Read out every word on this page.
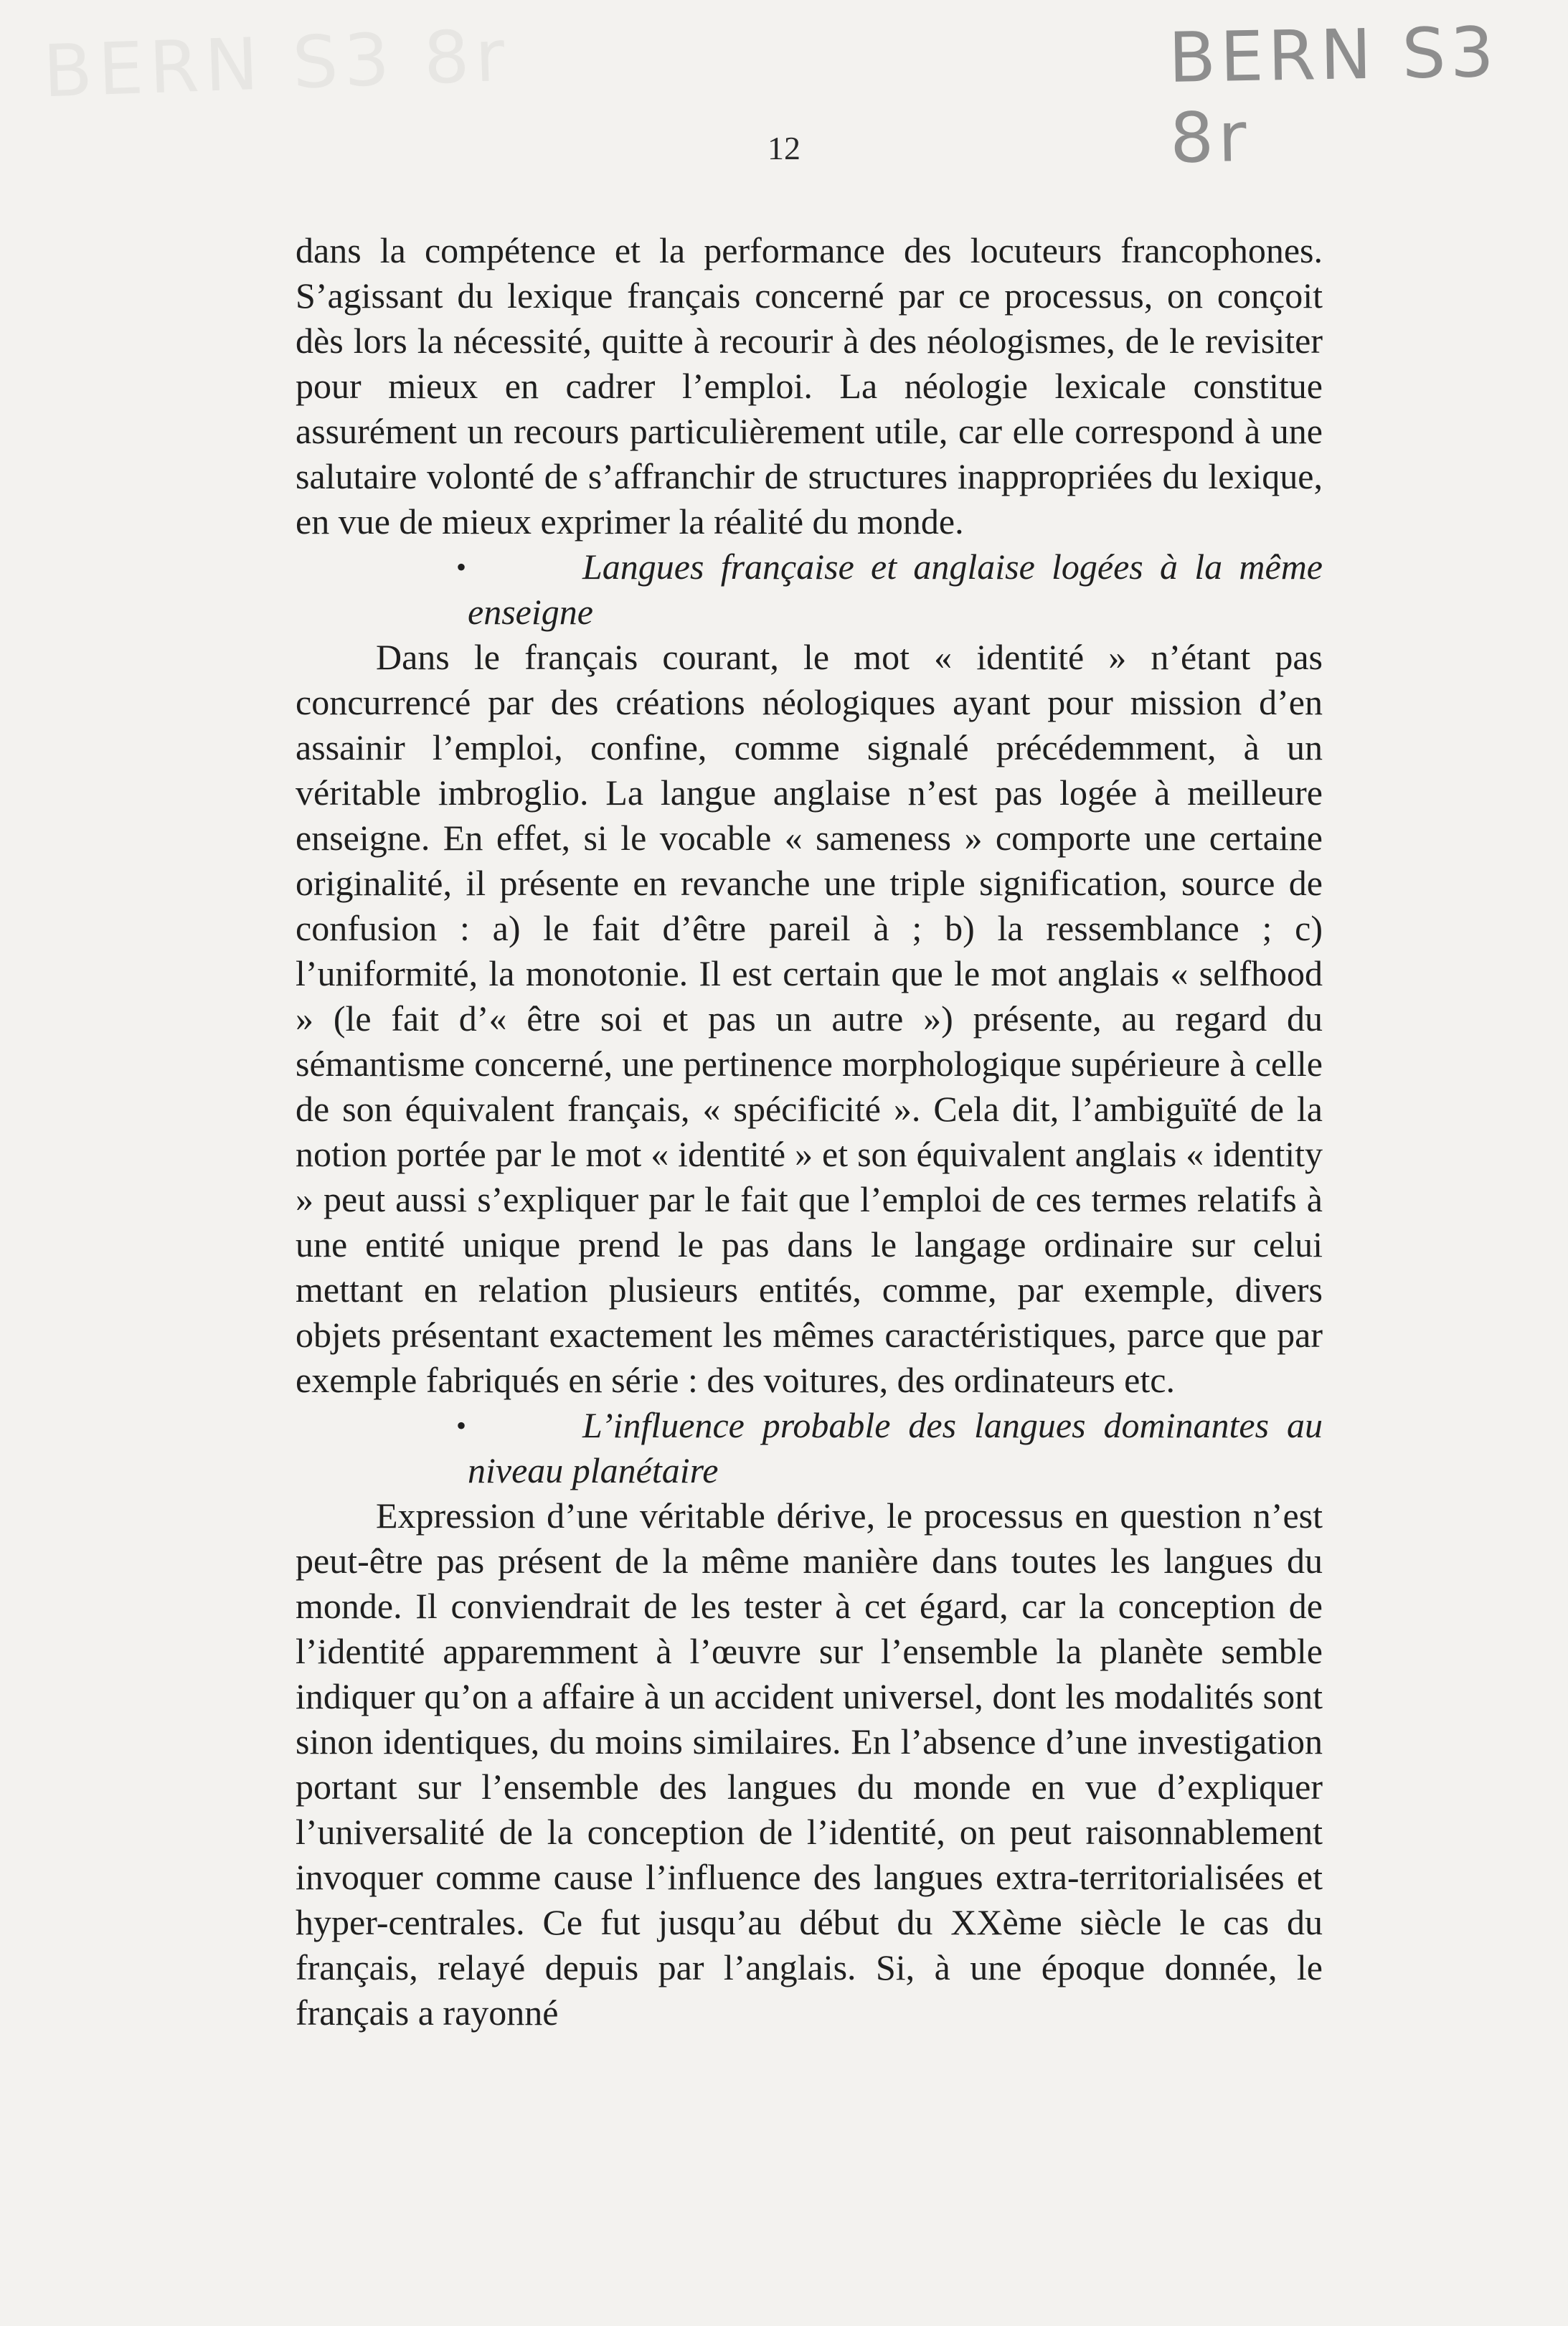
BERN S3 8r	BERN S3 8r
12

dans la compétence et la performance des locuteurs francophones. S’agissant du lexique français concerné par ce processus, on conçoit dès lors la nécessité, quitte à recourir à des néologismes, de le revisiter pour mieux en cadrer l’emploi. La néologie lexicale constitue assurément un recours particulièrement utile, car elle correspond à une salutaire volonté de s’affranchir de structures inappropriées du lexique, en vue de mieux exprimer la réalité du monde.

•	Langues française et anglaise logées à la même enseigne

Dans le français courant, le mot « identité » n’étant pas concurrencé par des créations néologiques ayant pour mission d’en assainir l’emploi, confine, comme signalé précédemment, à un véritable imbroglio. La langue anglaise n’est pas logée à meilleure enseigne. En effet, si le vocable « sameness » comporte une certaine originalité, il présente en revanche une triple signification, source de confusion : a) le fait d’être pareil à ; b) la ressemblance ; c) l’uniformité, la monotonie. Il est certain que le mot anglais « selfhood » (le fait d’« être soi et pas un autre ») présente, au regard du sémantisme concerné, une pertinence morphologique supérieure à celle de son équivalent français, « spécificité ». Cela dit, l’ambiguïté de la notion portée par le mot « identité » et son équivalent anglais « identity » peut aussi s’expliquer par le fait que l’emploi de ces termes relatifs à une entité unique prend le pas dans le langage ordinaire sur celui mettant en relation plusieurs entités, comme, par exemple, divers objets présentant exactement les mêmes caractéristiques, parce que par exemple fabriqués en série : des voitures, des ordinateurs etc.

•	L’influence probable des langues dominantes au niveau planétaire

Expression d’une véritable dérive, le processus en question n’est peut-être pas présent de la même manière dans toutes les langues du monde. Il conviendrait de les tester à cet égard, car la conception de l’identité apparemment à l’œuvre sur l’ensemble la planète semble indiquer qu’on a affaire à un accident universel, dont les modalités sont sinon identiques, du moins similaires. En l’absence d’une investigation portant sur l’ensemble des langues du monde en vue d’expliquer l’universalité de la conception de l’identité, on peut raisonnablement invoquer comme cause l’influence des langues extra-territorialisées et hyper-centrales. Ce fut jusqu’au début du XXème siècle le cas du français, relayé depuis par l’anglais. Si, à une époque donnée, le français a rayonné
